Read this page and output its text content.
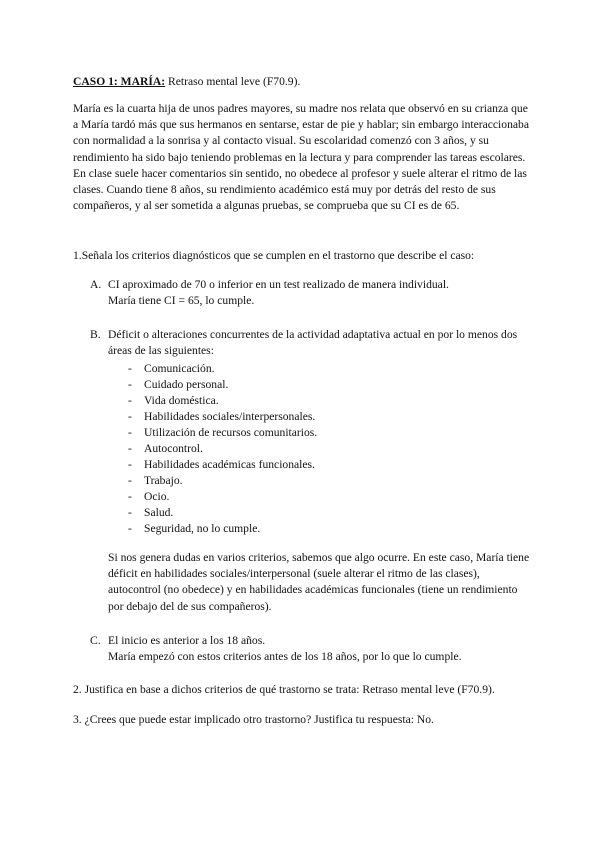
CASO 1: MARÍA: Retraso mental leve (F70.9).

María es la cuarta hija de unos padres mayores, su madre nos relata que observó en su crianza que a María tardó más que sus hermanos en sentarse, estar de pie y hablar; sin embargo interaccionaba con normalidad a la sonrisa y al contacto visual. Su escolaridad comenzó con 3 años, y su rendimiento ha sido bajo teniendo problemas en la lectura y para comprender las tareas escolares. En clase suele hacer comentarios sin sentido, no obedece al profesor y suele alterar el ritmo de las clases. Cuando tiene 8 años, su rendimiento académico está muy por detrás del resto de sus compañeros, y al ser sometida a algunas pruebas, se comprueba que su CI es de 65.

1.Señala los criterios diagnósticos que se cumplen en el trastorno que describe el caso:

A. CI aproximado de 70 o inferior en un test realizado de manera individual.

María tiene CI = 65, lo cumple.

B. Déficit o alteraciones concurrentes de la actividad adaptativa actual en por lo menos dos áreas de las siguientes:

- Comunicación.
- Cuidado personal.
- Vida doméstica.
- Habilidades sociales/interpersonales.
- Utilización de recursos comunitarios.
- Autocontrol.
- Habilidades académicas funcionales.
- Trabajo.
- Ocio.
- Salud.
- Seguridad, no lo cumple.

Si nos genera dudas en varios criterios, sabemos que algo ocurre. En este caso, María tiene déficit en habilidades sociales/interpersonal (suele alterar el ritmo de las clases), autocontrol (no obedece) y en habilidades académicas funcionales (tiene un rendimiento por debajo del de sus compañeros).

C. El inicio es anterior a los 18 años.

María empezó con estos criterios antes de los 18 años, por lo que lo cumple.

2. Justifica en base a dichos criterios de qué trastorno se trata: Retraso mental leve (F70.9).

3. ¿Crees que puede estar implicado otro trastorno? Justifica tu respuesta: No.
